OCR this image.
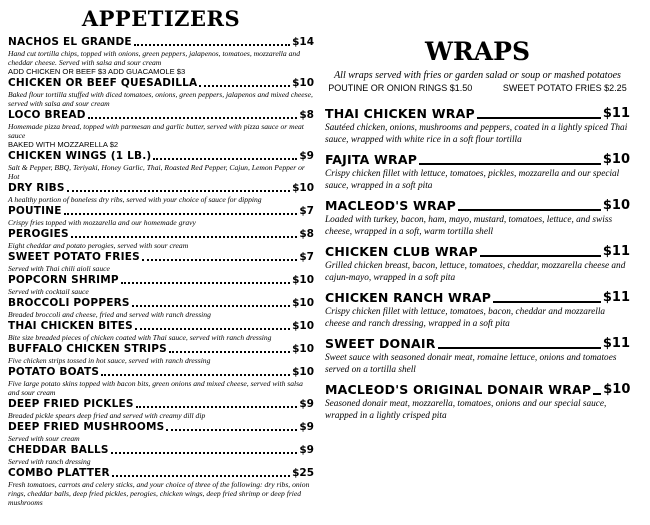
APPETIZERS
NACHOS EL GRANDE	$14
Hand cut tortilla chips, topped with onions, green peppers, jalapenos, tomatoes, mozzarella and cheddar cheese. Served with salsa and sour cream
ADD CHICKEN OR BEEF $3 ADD GUACAMOLE $3
CHICKEN OR BEEF QUESADILLA	$10
Baked flour tortilla stuffed with diced tomatoes, onions, green peppers, jalapenos and mixed cheese, served with salsa and sour cream
LOCO BREAD	$8
Homemade pizza bread, topped with parmesan and garlic butter, served with pizza sauce or meat sauce
BAKED WITH MOZZARELLA $2
CHICKEN WINGS (1 LB.)	$9
Salt & Pepper, BBQ, Teriyaki, Honey Garlic, Thai, Roasted Red Pepper, Cajun, Lemon Pepper or Hot
DRY RIBS	$10
A healthy portion of boneless dry ribs, served with your choice of sauce for dipping
POUTINE	$7
Crispy fries topped with mozzarella and our homemade gravy
PEROGIES	$8
Eight cheddar and potato perogies, served with sour cream
SWEET POTATO FRIES	$7
Served with Thai chili aioli sauce
POPCORN SHRIMP	$10
Served with cocktail sauce
BROCCOLI POPPERS	$10
Breaded broccoli and cheese, fried and served with ranch dressing
THAI CHICKEN BITES	$10
Bite size breaded pieces of chicken coated with Thai sauce, served with ranch dressing
BUFFALO CHICKEN STRIPS	$10
Five chicken strips tossed in hot sauce, served with ranch dressing
POTATO BOATS	$10
Five large potato skins topped with bacon bits, green onions and mixed cheese, served with salsa and sour cream
DEEP FRIED PICKLES	$9
Breaded pickle spears deep fried and served with creamy dill dip
DEEP FRIED MUSHROOMS	$9
Served with sour cream
CHEDDAR BALLS	$9
Served with ranch dressing
COMBO PLATTER	$25
Fresh tomatoes, carrots and celery sticks, and your choice of three of the following: dry ribs, onion rings, cheddar balls, deep fried pickles, perogies, chicken wings, deep fried shrimp or deep fried mushrooms
WRAPS
All wraps served with fries or garden salad or soup or mashed potatoes
POUTINE OR ONION RINGS $1.50	SWEET POTATO FRIES $2.25
THAI CHICKEN WRAP	$11
Sautéed chicken, onions, mushrooms and peppers, coated in a lightly spiced Thai sauce, wrapped with white rice in a soft flour tortilla
FAJITA WRAP	$10
Crispy chicken fillet with lettuce, tomatoes, pickles, mozzarella and our special sauce, wrapped in a soft pita
MACLEOD'S WRAP	$10
Loaded with turkey, bacon, ham, mayo, mustard, tomatoes, lettuce, and swiss cheese, wrapped in a soft, warm tortilla shell
CHICKEN CLUB WRAP	$11
Grilled chicken breast, bacon, lettuce, tomatoes, cheddar, mozzarella cheese and cajun-mayo, wrapped in a soft pita
CHICKEN RANCH WRAP	$11
Crispy chicken fillet with lettuce, tomatoes, bacon, cheddar and mozzarella cheese and ranch dressing, wrapped in a soft pita
SWEET DONAIR	$11
Sweet sauce with seasoned donair meat, romaine lettuce, onions and tomatoes served on a tortilla shell
MACLEOD'S ORIGINAL DONAIR WRAP $10
Seasoned donair meat, mozzarella, tomatoes, onions and our special sauce, wrapped in a lightly crisped pita
